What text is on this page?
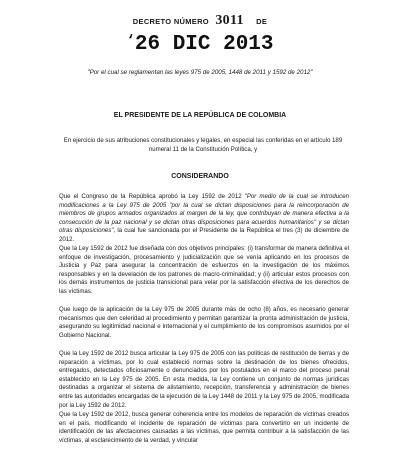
DECRETO NÚMERO 3011 DE
‘26 DIC 2013
"Por el cual se reglamentan las leyes 975 de 2005, 1448 de 2011 y 1592 de 2012"
EL PRESIDENTE DE LA REPÚBLICA DE COLOMBIA
En ejercicio de sus atribuciones constitucionales y legales, en especial las conferidas en el artículo 189 numeral 11 de la Constitución Política, y
CONSIDERANDO
Que el Congreso de la República aprobó la Ley 1592 de 2012 "Por medio de la cual se introducen modificaciones a la Ley 975 de 2005 "por la cual se dictan disposiciones para la reincorporación de miembros de grupos armados organizados al margen de la ley, que contribuyan de manera efectiva a la consecución de la paz nacional y se dictan otras disposiciones para acuerdos humanitarios" y se dictan otras disposiciones", la cual fue sancionada por el Presidente de la República el tres (3) de diciembre de 2012.
Que la Ley 1592 de 2012 fue diseñada con dos objetivos principales: (i) transformar de manera definitiva el enfoque de investigación, procesamiento y judicialización que se venía aplicando en los procesos de Justicia y Paz para asegurar la concentración de esfuerzos en la investigación de los máximos responsables y en la develación de los patrones de macro-criminalidad; y (ii) articular estos procesos con los demás instrumentos de justicia transicional para velar por la satisfacción efectiva de los derechos de las víctimas.
Que luego de la aplicación de la Ley 975 de 2005 durante más de ocho (8) años, es necesario generar mecanismos que den celeridad al procedimiento y permitan garantizar la pronta administración de justicia, asegurando su legitimidad nacional e internacional y el cumplimiento de los compromisos asumidos por el Gobierno Nacional.
Que la Ley 1592 de 2012 busca articular la Ley 975 de 2005 con las políticas de restitución de tierras y de reparación a víctimas, por lo cual estableció normas sobre la destinación de los bienes ofrecidos, entregados, detectados oficiosamente o denunciados por los postulados en el marco del proceso penal establecido en la Ley 975 de 2005. En esta medida, la Ley contiene un conjunto de normas jurídicas destinadas a organizar el sistema de alistamiento, recepción, transferencia y administración de bienes entre las autoridades encargadas de la ejecución de la Ley 1448 de 2011 y la Ley 975 de 2005, modificada por la Ley 1592 de 2012.
Que la Ley 1592 de 2012, busca generar coherencia entre los modelos de reparación de víctimas creados en el país, modificando el incidente de reparación de víctimas para convertirlo en un incidente de identificación de las afectaciones causadas a las víctimas, que permita contribuir a la satisfacción de las víctimas, al esclarecimiento de la verdad, y vincular
